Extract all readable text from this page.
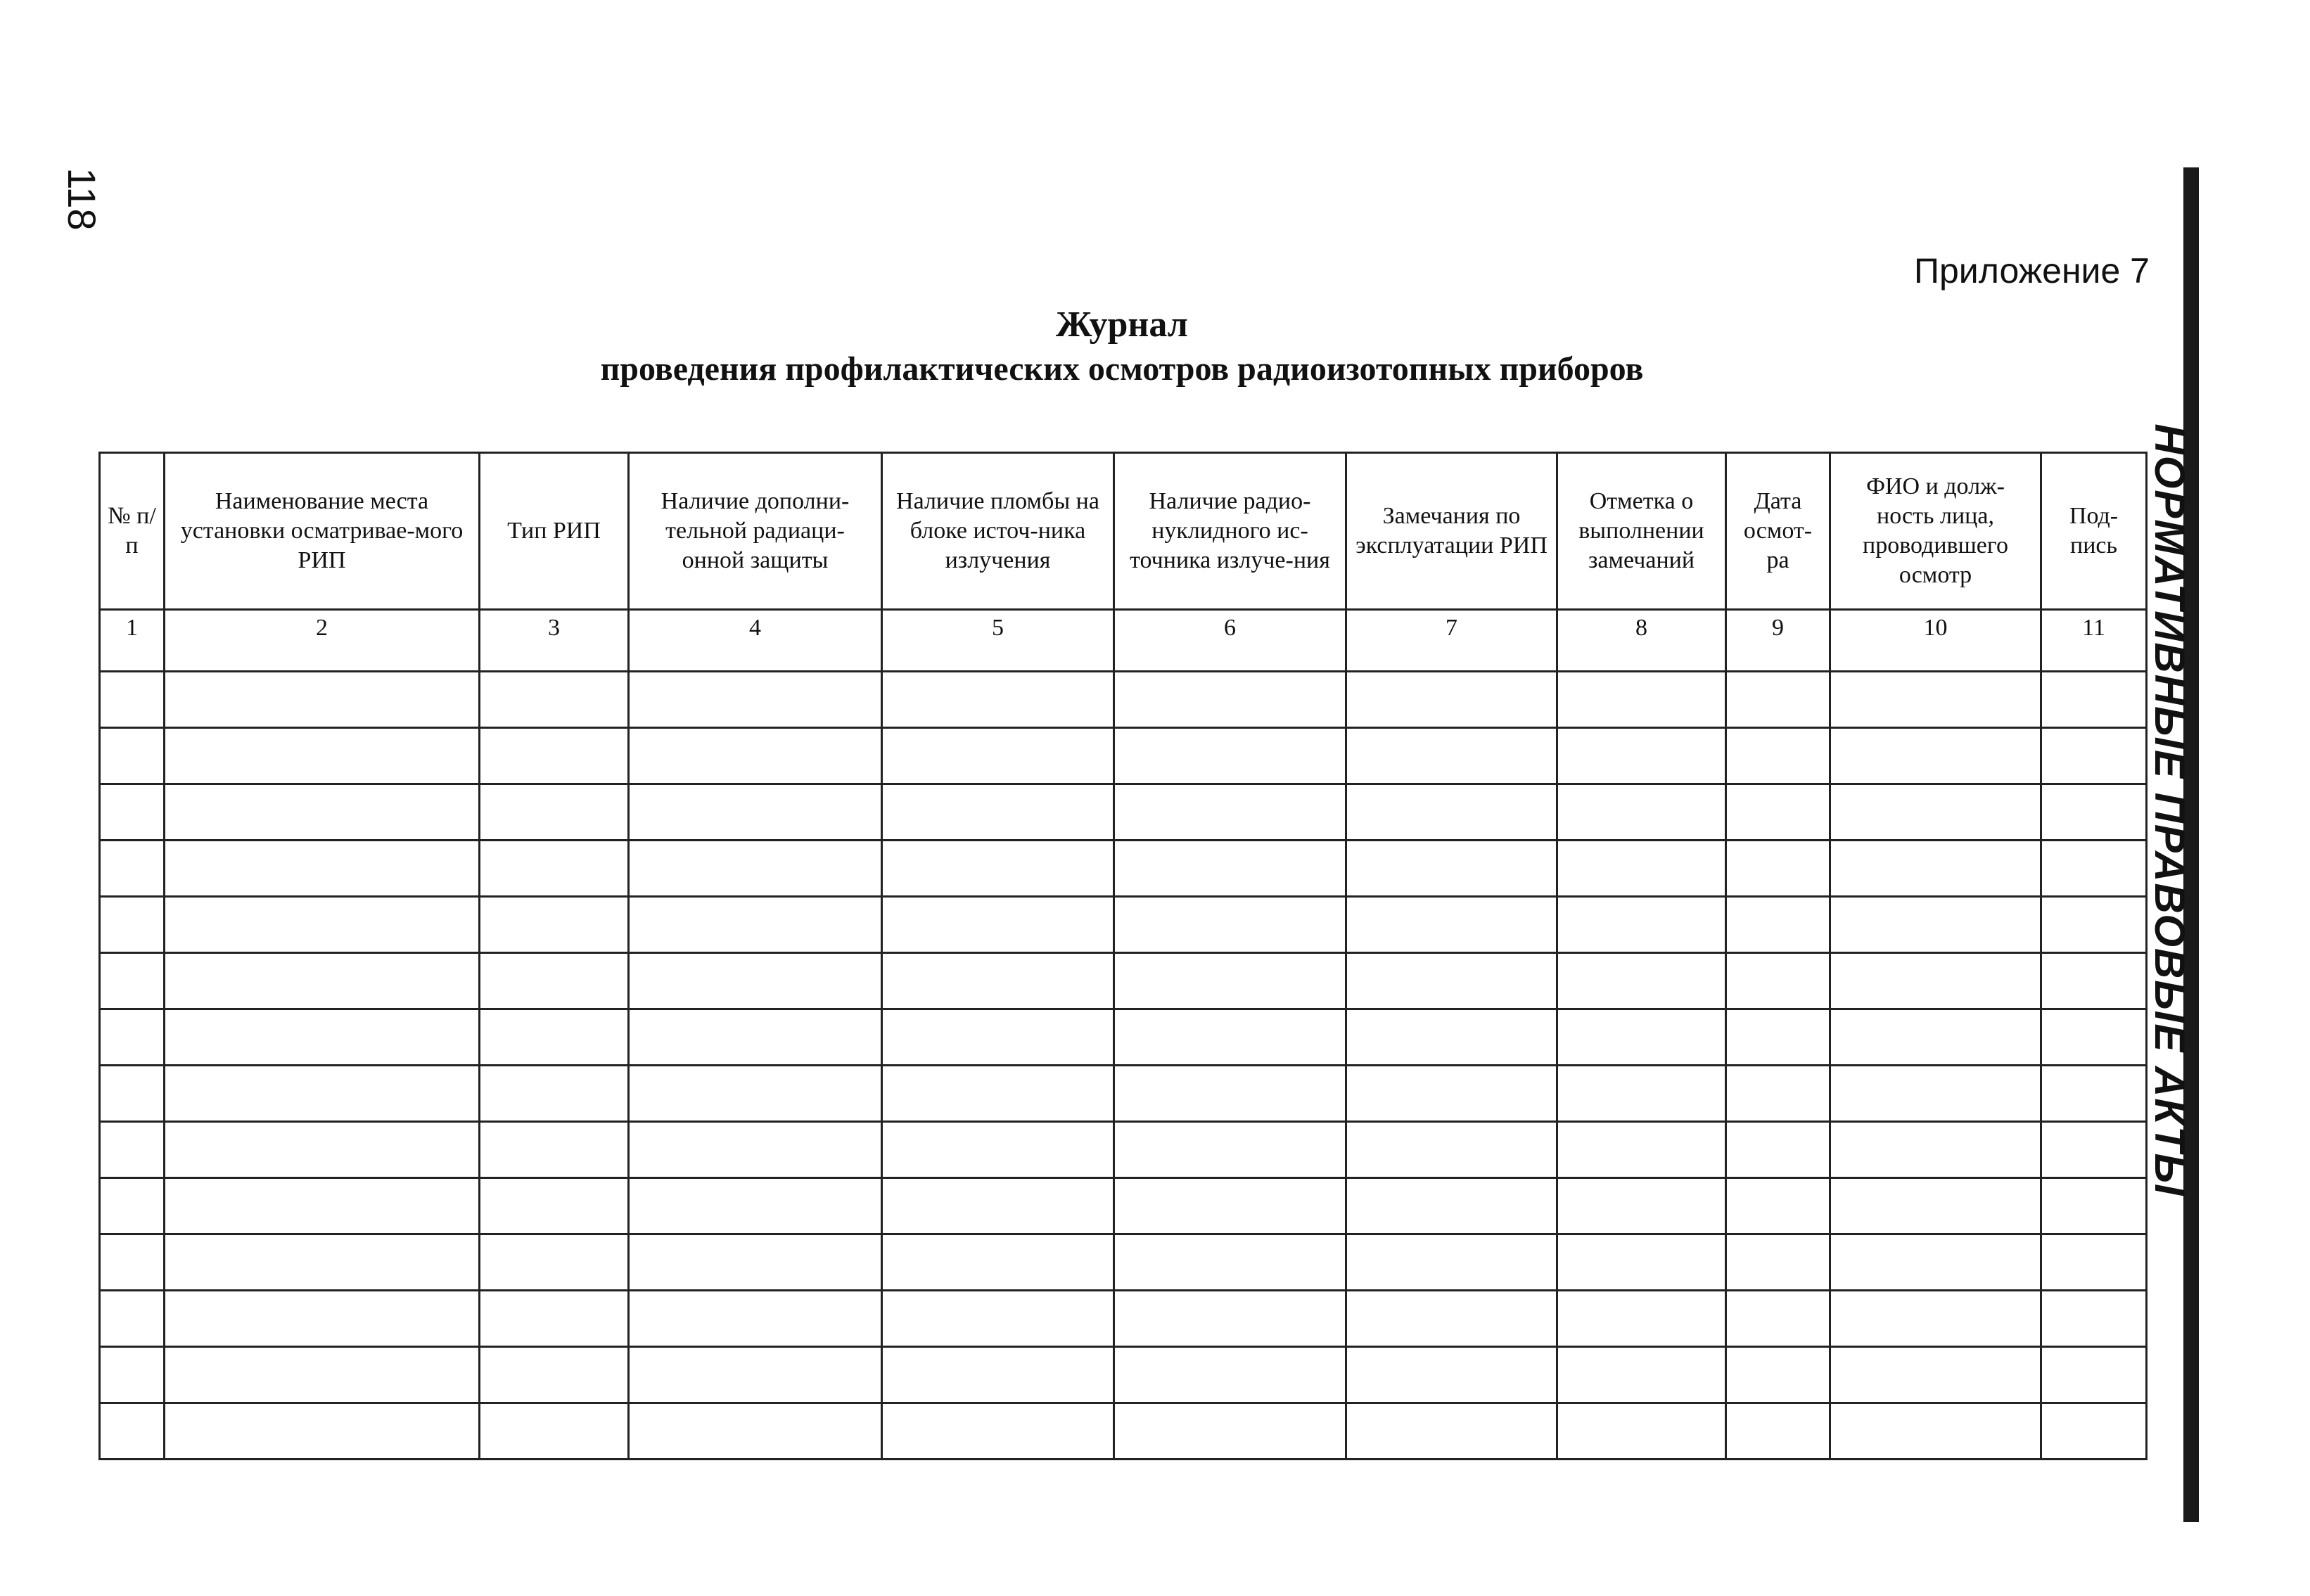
118
Приложение 7
Журнал
проведения профилактических осмотров радиоизотопных приборов
№ п/п	Наименование места установки осматривае-мого РИП	Тип РИП	Наличие дополни-тельной радиаци-онной защиты	Наличие пломбы на блоке источ-ника излучения	Наличие радио-нуклидного ис-точника излуче-ния	Замечания по эксплуатации РИП	Отметка о выполнении замечаний	Дата осмот-ра	ФИО и долж-ность лица, проводившего осмотр	Под-пись
1	2	3	4	5	6	7	8	9	10	11

										НОРМАТИВНЫЕ ПРАВОВЫЕ АКТЫ
